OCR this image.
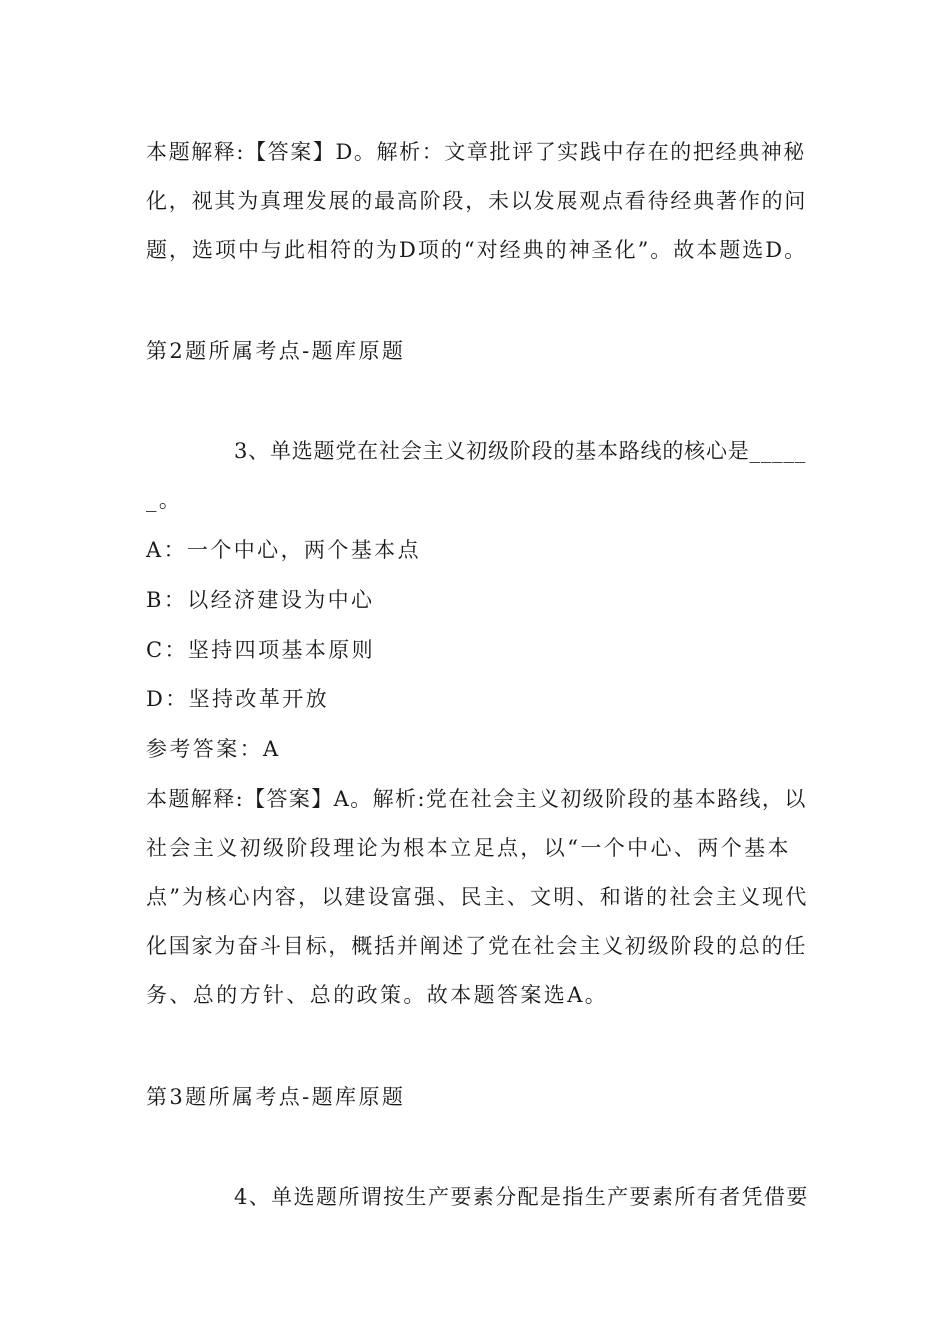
本题解释:【答案】D。解析：文章批评了实践中存在的把经典神秘
化，视其为真理发展的最高阶段，未以发展观点看待经典著作的问
题，选项中与此相符的为D项的“对经典的神圣化”。故本题选D。
第2题所属考点-题库原题
3、单选题党在社会主义初级阶段的基本路线的核心是_____
_。
A：一个中心，两个基本点
B：以经济建设为中心
C：坚持四项基本原则
D：坚持改革开放
参考答案：A
本题解释:【答案】A。解析:党在社会主义初级阶段的基本路线，以
社会主义初级阶段理论为根本立足点，以“一个中心、两个基本
点”为核心内容，以建设富强、民主、文明、和谐的社会主义现代
化国家为奋斗目标，概括并阐述了党在社会主义初级阶段的总的任
务、总的方针、总的政策。故本题答案选A。
第3题所属考点-题库原题
4、单选题所谓按生产要素分配是指生产要素所有者凭借要
